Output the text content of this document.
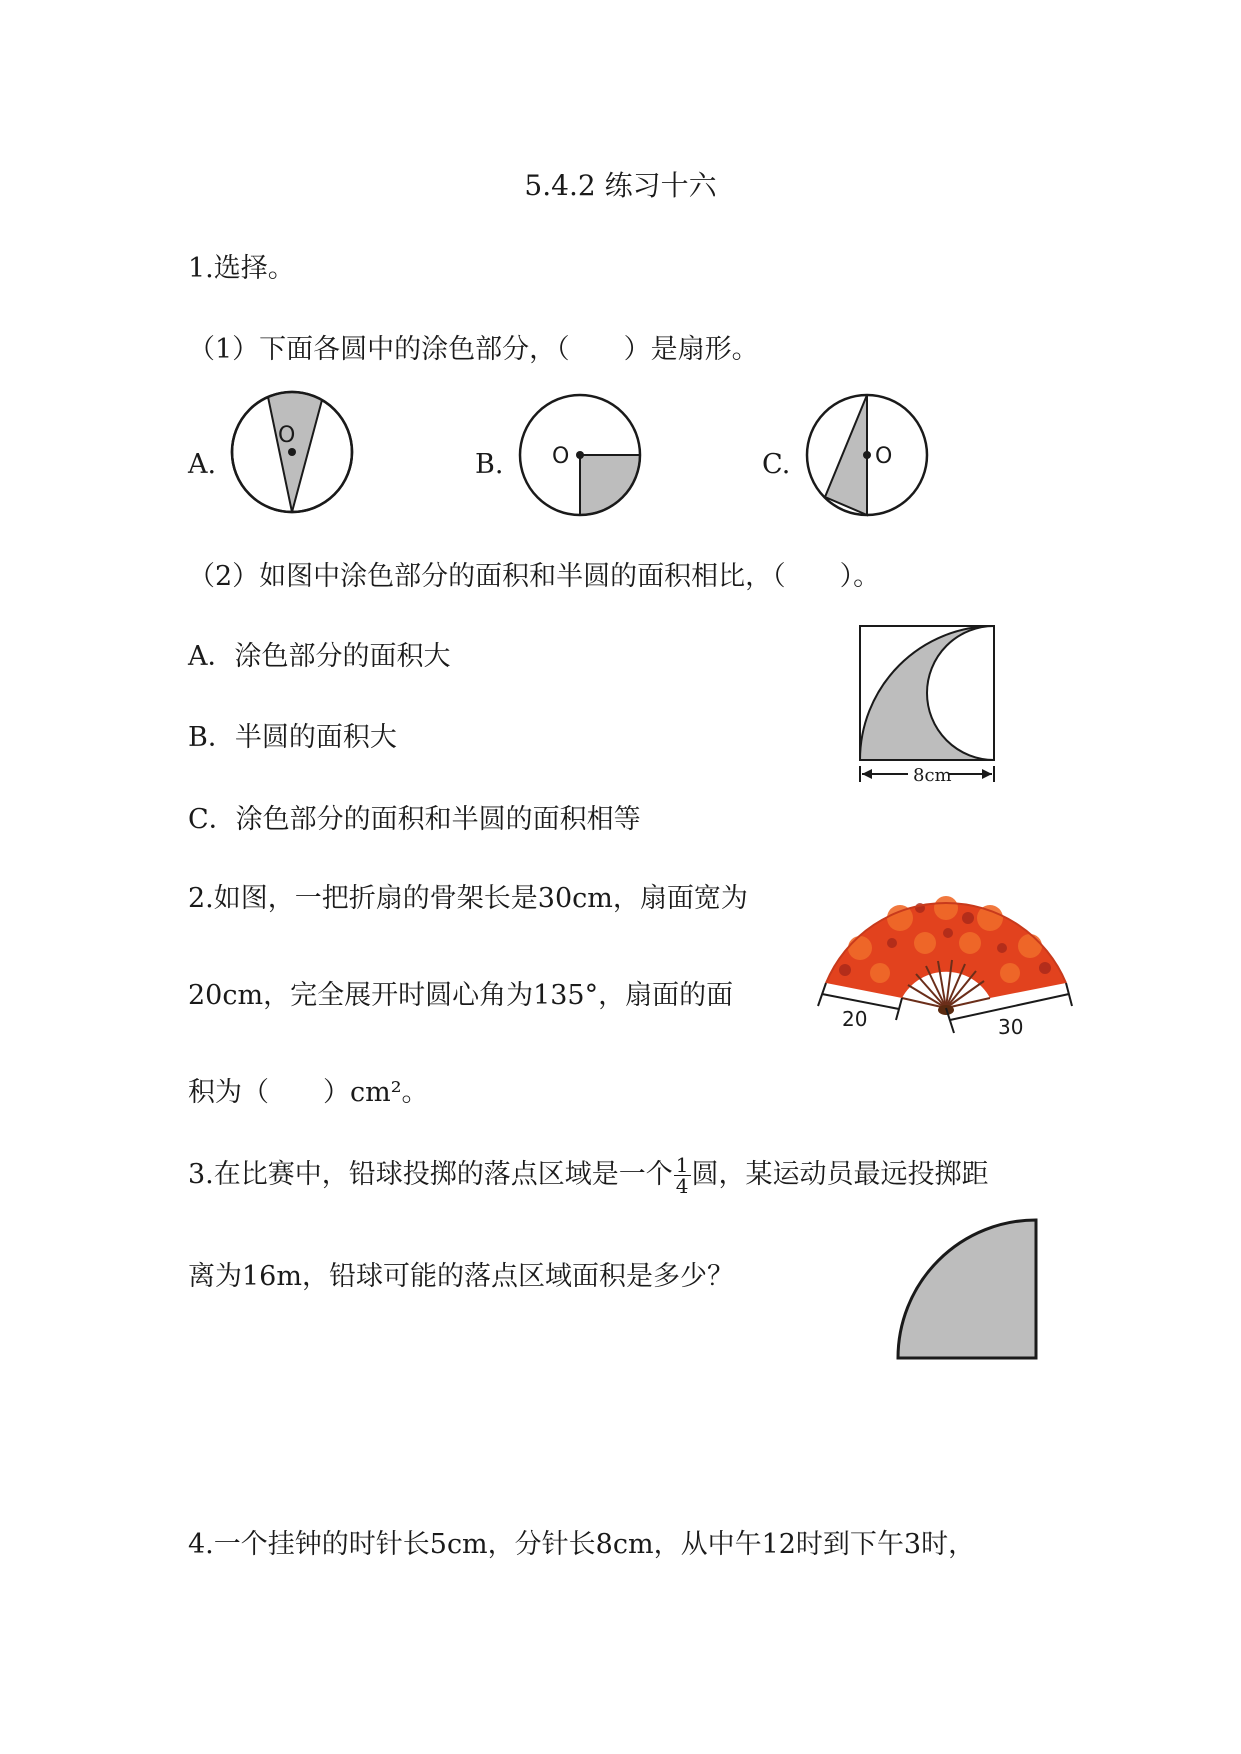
5.4.2 练习十六
1.选择。
（1）下面各圆中的涂色部分，（　　）是扇形。
A.
O
B. O	C.	O
（2）如图中涂色部分的面积和半圆的面积相比，（　　）。
A．涂色部分的面积大
B．半圆的面积大
C．涂色部分的面积和半圆的面积相等
8cm
2.如图，一把折扇的骨架长是30cm，扇面宽为
20cm，完全展开时圆心角为135°，扇面的面
积为（　　）cm²。
20	30
3.在比赛中，铅球投掷的落点区域是一个 $\frac{1}{4}$ 圆，某运动员最远投掷距
离为16m，铅球可能的落点区域面积是多少？
4.一个挂钟的时针长5cm，分针长8cm，从中午12时到下午3时，
